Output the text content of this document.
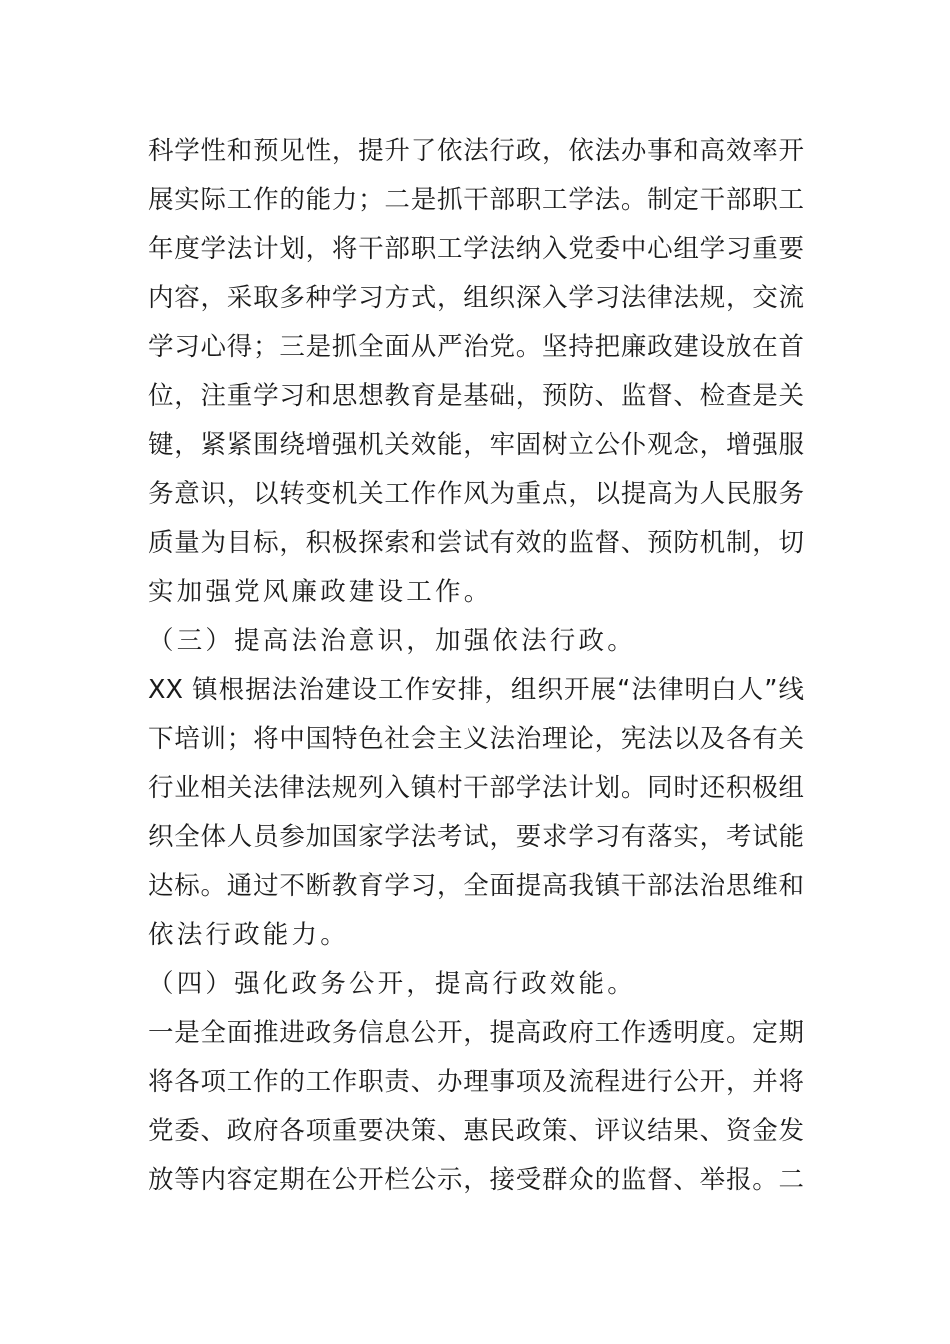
科学性和预见性，提升了依法行政，依法办事和高效率开
展实际工作的能力；二是抓干部职工学法。制定干部职工
年度学法计划，将干部职工学法纳入党委中心组学习重要
内容，采取多种学习方式，组织深入学习法律法规，交流
学习心得；三是抓全面从严治党。坚持把廉政建设放在首
位，注重学习和思想教育是基础，预防、监督、检查是关
键，紧紧围绕增强机关效能，牢固树立公仆观念，增强服
务意识，以转变机关工作作风为重点，以提高为人民服务
质量为目标，积极探索和尝试有效的监督、预防机制，切
实加强党风廉政建设工作。
（三）提高法治意识，加强依法行政。
XX 镇根据法治建设工作安排，组织开展“法律明白人”线
下培训；将中国特色社会主义法治理论，宪法以及各有关
行业相关法律法规列入镇村干部学法计划。同时还积极组
织全体人员参加国家学法考试，要求学习有落实，考试能
达标。通过不断教育学习，全面提高我镇干部法治思维和
依法行政能力。
（四）强化政务公开，提高行政效能。
一是全面推进政务信息公开，提高政府工作透明度。定期
将各项工作的工作职责、办理事项及流程进行公开，并将
党委、政府各项重要决策、惠民政策、评议结果、资金发
放等内容定期在公开栏公示，接受群众的监督、举报。二
